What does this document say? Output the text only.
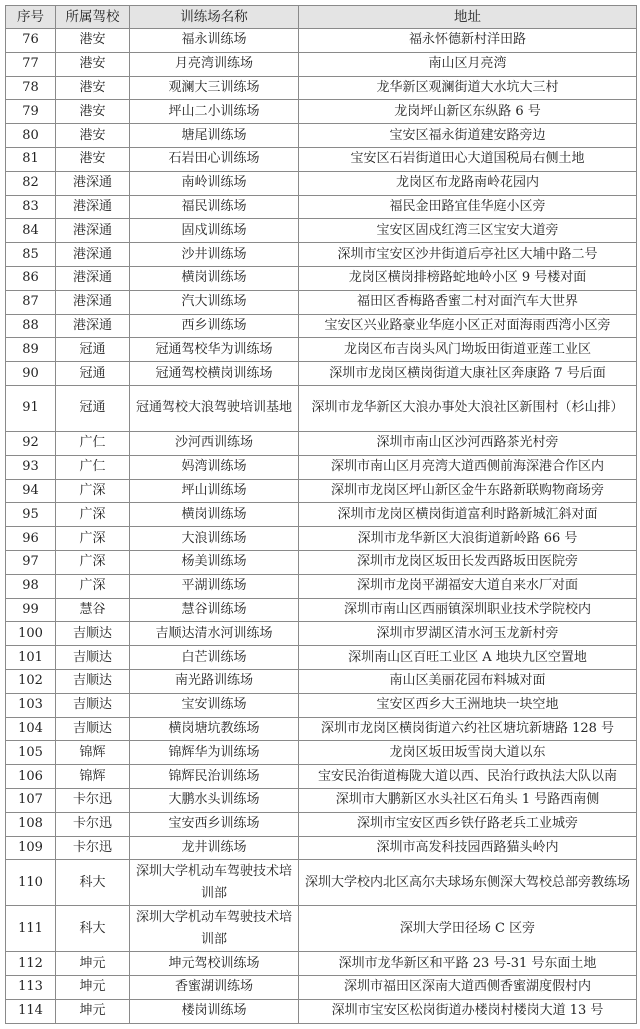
序号	所属驾校	训练场名称	地址
76	港安	福永训练场	福永怀德新村洋田路
77	港安	月亮湾训练场	南山区月亮湾
78	港安	观澜大三训练场	龙华新区观澜街道大水坑大三村
79	港安	坪山二小训练场	龙岗坪山新区东纵路 6 号
80	港安	塘尾训练场	宝安区福永街道建安路旁边
81	港安	石岩田心训练场	宝安区石岩街道田心大道国税局右侧土地
82	港深通	南岭训练场	龙岗区布龙路南岭花园内
83	港深通	福民训练场	福民金田路宜佳华庭小区旁
84	港深通	固戍训练场	宝安区固戍红湾三区宝安大道旁
85	港深通	沙井训练场	深圳市宝安区沙井街道后亭社区大埔中路二号
86	港深通	横岗训练场	龙岗区横岗排榜路蛇地岭小区 9 号楼对面
87	港深通	汽大训练场	福田区香梅路香蜜二村对面汽车大世界
88	港深通	西乡训练场	宝安区兴业路豪业华庭小区正对面海雨西湾小区旁
89	冠通	冠通驾校华为训练场	龙岗区布吉岗头风门坳坂田街道亚莲工业区
90	冠通	冠通驾校横岗训练场	深圳市龙岗区横岗街道大康社区奔康路 7 号后面
91	冠通	冠通驾校大浪驾驶培训基地	深圳市龙华新区大浪办事处大浪社区新围村（杉山排）
92	广仁	沙河西训练场	深圳市南山区沙河西路茶光村旁
93	广仁	妈湾训练场	深圳市南山区月亮湾大道西侧前海深港合作区内
94	广深	坪山训练场	深圳市龙岗区坪山新区金牛东路新联购物商场旁
95	广深	横岗训练场	深圳市龙岗区横岗街道富利时路新城汇斜对面
96	广深	大浪训练场	深圳市龙华新区大浪街道新岭路 66 号
97	广深	杨美训练场	深圳市龙岗区坂田长发西路坂田医院旁
98	广深	平湖训练场	深圳市龙岗平湖福安大道自来水厂对面
99	慧谷	慧谷训练场	深圳市南山区西丽镇深圳职业技术学院校内
100	吉顺达	吉顺达清水河训练场	深圳市罗湖区清水河玉龙新村旁
101	吉顺达	白芒训练场	深圳南山区百旺工业区 A 地块九区空置地
102	吉顺达	南光路训练场	南山区美丽花园布料城对面
103	吉顺达	宝安训练场	宝安区西乡大王洲地块一块空地
104	吉顺达	横岗塘坑教练场	深圳市龙岗区横岗街道六约社区塘坑新塘路 128 号
105	锦辉	锦辉华为训练场	龙岗区坂田坂雪岗大道以东
106	锦辉	锦辉民治训练场	宝安民治街道梅陇大道以西、民治行政执法大队以南
107	卡尔迅	大鹏水头训练场	深圳市大鹏新区水头社区石角头 1 号路西南侧
108	卡尔迅	宝安西乡训练场	深圳市宝安区西乡铁仔路老兵工业城旁
109	卡尔迅	龙井训练场	深圳市高发科技园西路猫头岭内
110	科大	深圳大学机动车驾驶技术培训部	深圳大学校内北区高尔夫球场东侧深大驾校总部旁教练场
111	科大	深圳大学机动车驾驶技术培训部	深圳大学田径场 C 区旁
112	坤元	坤元驾校训练场	深圳市龙华新区和平路 23 号-31 号东面土地
113	坤元	香蜜湖训练场	深圳市福田区深南大道西侧香蜜湖度假村内
114	坤元	楼岗训练场	深圳市宝安区松岗街道办楼岗村楼岗大道 13 号
